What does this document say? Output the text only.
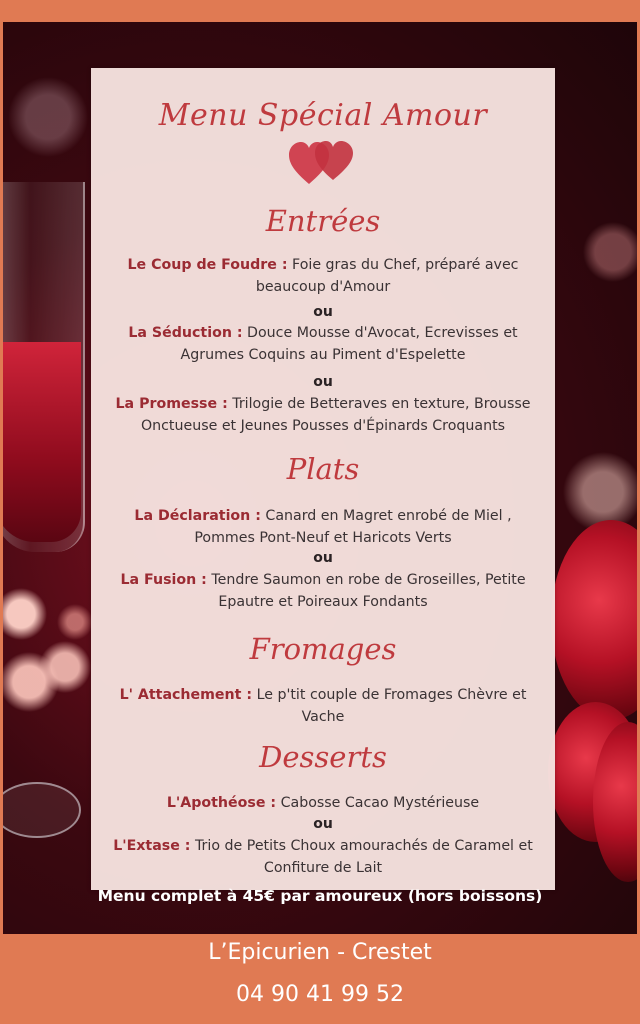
Menu Spécial Amour
Entrées
Le Coup de Foudre : Foie gras du Chef, préparé avec
beaucoup d'Amour
ou
La Séduction : Douce Mousse d'Avocat, Ecrevisses et
Agrumes Coquins au Piment d'Espelette
ou
La Promesse : Trilogie de Betteraves en texture, Brousse
Onctueuse et Jeunes Pousses d'Épinards Croquants
Plats
La Déclaration : Canard en Magret enrobé de Miel ,
Pommes Pont-Neuf et Haricots Verts
ou
La Fusion : Tendre Saumon en robe de Groseilles, Petite
Epautre et Poireaux Fondants
Fromages
L' Attachement : Le p'tit couple de Fromages Chèvre et
Vache
Desserts
L'Apothéose : Cabosse Cacao Mystérieuse
ou
L'Extase : Trio de Petits Choux amourachés de Caramel et
Confiture de Lait
Menu complet à 45€ par amoureux (hors boissons)
L’Epicurien - Crestet
04 90 41 99 52
